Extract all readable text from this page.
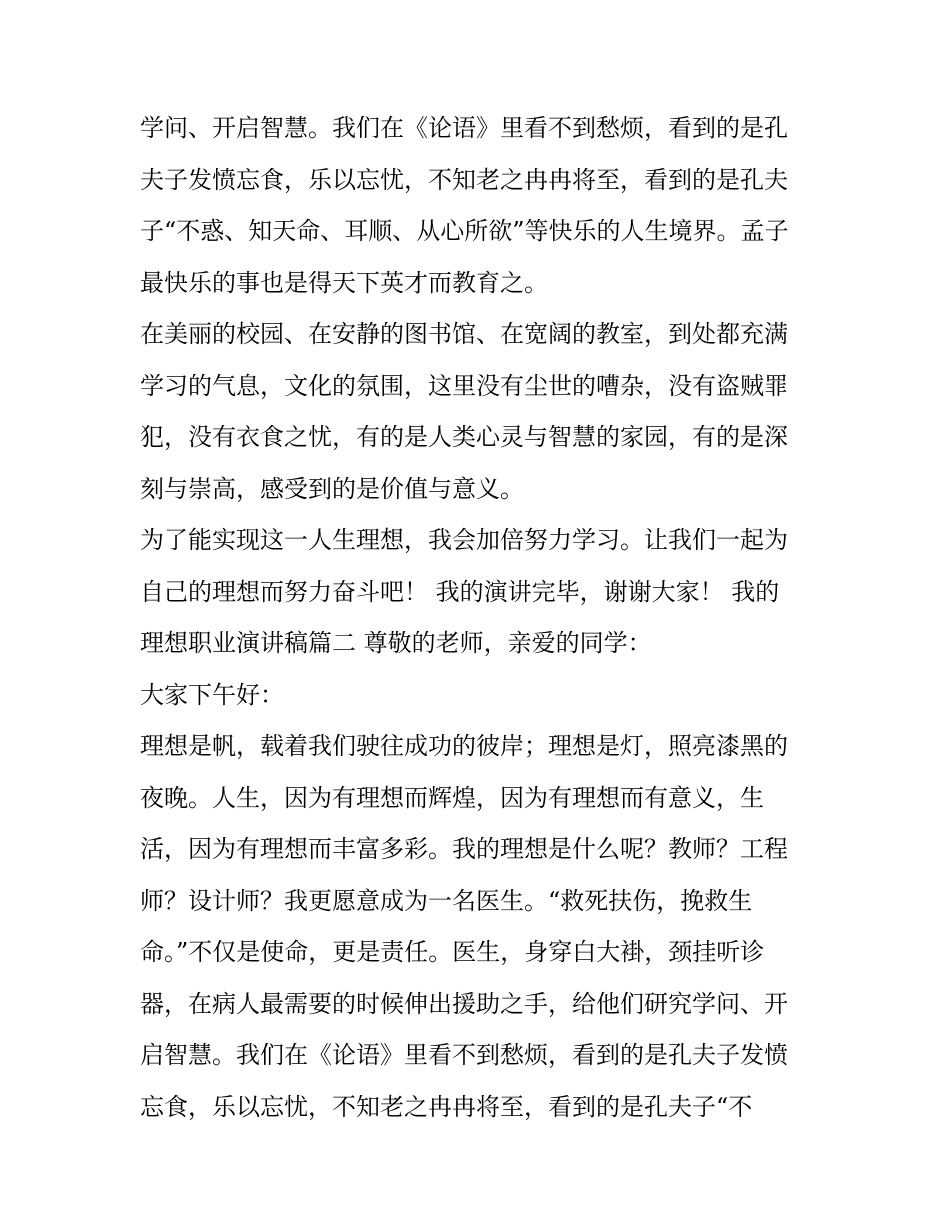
学问、开启智慧。我们在《论语》里看不到愁烦，看到的是孔
夫子发愤忘食，乐以忘忧，不知老之冉冉将至，看到的是孔夫
子“不惑、知天命、耳顺、从心所欲”等快乐的人生境界。孟子
最快乐的事也是得天下英才而教育之。
在美丽的校园、在安静的图书馆、在宽阔的教室，到处都充满
学习的气息，文化的氛围，这里没有尘世的嘈杂，没有盗贼罪
犯，没有衣食之忧，有的是人类心灵与智慧的家园，有的是深
刻与崇高，感受到的是价值与意义。
为了能实现这一人生理想，我会加倍努力学习。让我们一起为
自己的理想而努力奋斗吧！ 我的演讲完毕，谢谢大家！ 我的
理想职业演讲稿篇二 尊敬的老师，亲爱的同学：
大家下午好：
理想是帆，载着我们驶往成功的彼岸；理想是灯，照亮漆黑的
夜晚。人生，因为有理想而辉煌，因为有理想而有意义，生
活，因为有理想而丰富多彩。我的理想是什么呢？教师？工程
师？设计师？我更愿意成为一名医生。“救死扶伤，挽救生
命。”不仅是使命，更是责任。医生，身穿白大褂，颈挂听诊
器，在病人最需要的时候伸出援助之手，给他们研究学问、开
启智慧。我们在《论语》里看不到愁烦，看到的是孔夫子发愤
忘食，乐以忘忧，不知老之冉冉将至，看到的是孔夫子“不
